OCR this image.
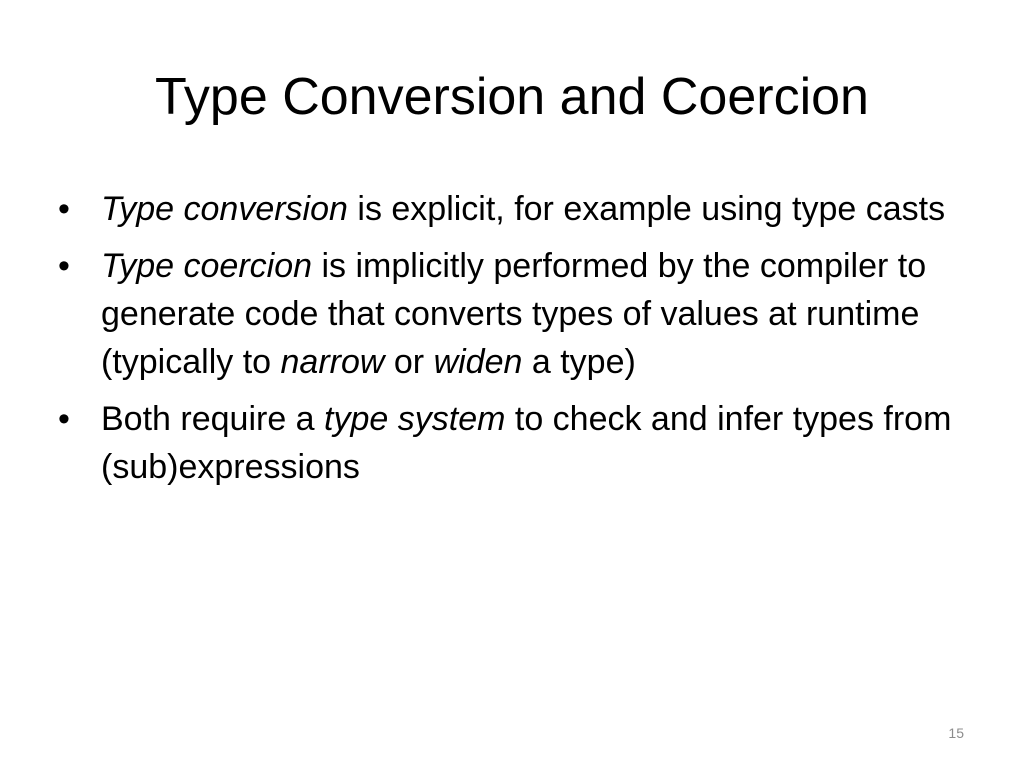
Type Conversion and Coercion
• Type conversion is explicit, for example using type casts
• Type coercion is implicitly performed by the compiler to generate code that converts types of values at runtime (typically to narrow or widen a type)
• Both require a type system to check and infer types from (sub)expressions
15
